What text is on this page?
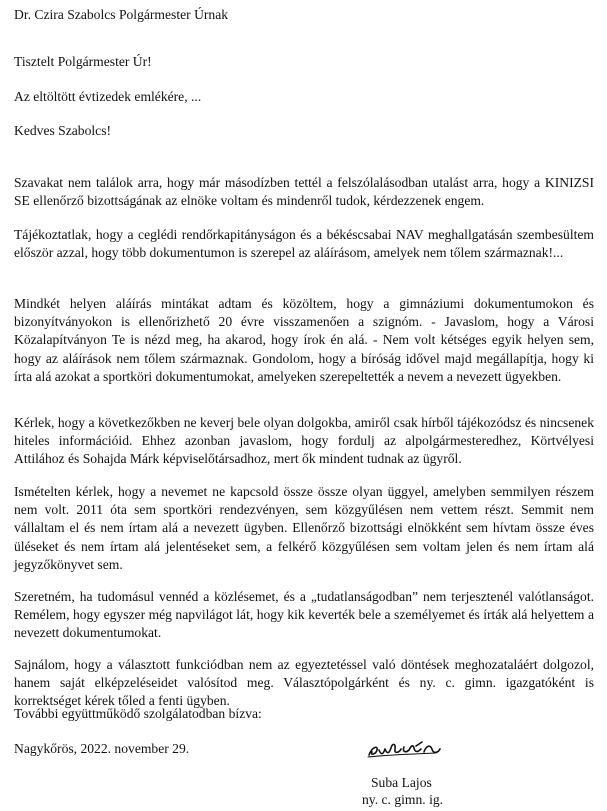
Dr. Czira Szabolcs Polgármester Úrnak
Tisztelt Polgármester Úr!
Az eltöltött évtizedek emlékére, ...
Kedves Szabolcs!
Szavakat nem találok arra, hogy már másodízben tettél a felszólalásodban utalást arra, hogy a KINIZSI SE ellenőrző bizottságának az elnöke voltam és mindenről tudok, kérdezzenek engem.
Tájékoztatlak, hogy a ceglédi rendőrkapitányságon és a békéscsabai NAV meghallgatásán szembesültem először azzal, hogy több dokumentumon is szerepel az aláírásom, amelyek nem tőlem származnak!...
Mindkét helyen aláírás mintákat adtam és közöltem, hogy a gimnáziumi dokumentumokon és bizonyítványokon is ellenőrizhető 20 évre visszamenően a szignóm. - Javaslom, hogy a Városi Közalapítványon Te is nézd meg, ha akarod, hogy írok én alá. - Nem volt kétséges egyik helyen sem, hogy az aláírások nem tőlem származnak. Gondolom, hogy a bíróság idővel majd megállapítja, hogy ki írta alá azokat a sportköri dokumentumokat, amelyeken szerepeltették a nevem a nevezett ügyekben.
Kérlek, hogy a következőkben ne keverj bele olyan dolgokba, amiről csak hírből tájékozódsz és nincsenek hiteles információid. Ehhez azonban javaslom, hogy fordulj az alpolgármesteredhez, Körtvélyesi Attilához és Sohajda Márk képviselőtársadhoz, mert ők mindent tudnak az ügyről.
Ismételten kérlek, hogy a nevemet ne kapcsold össze össze olyan üggyel, amelyben semmilyen részem nem volt. 2011 óta sem sportköri rendezvényen, sem közgyűlésen nem vettem részt. Semmit nem vállaltam el és nem írtam alá a nevezett ügyben. Ellenőrző bizottsági elnökként sem hívtam össze éves üléseket és nem írtam alá jelentéseket sem, a felkérő közgyűlésen sem voltam jelen és nem írtam alá jegyzőkönyvet sem.
Szeretném, ha tudomásul vennéd a közlésemet, és a „tudatlanságodban” nem terjesztenél valótlanságot. Remélem, hogy egyszer még napvilágot lát, hogy kik keverték bele a személyemet és írták alá helyettem a nevezett dokumentumokat.
Sajnálom, hogy a választott funkciódban nem az egyeztetéssel való döntések meghozataláért dolgozol, hanem saját elképzeléseidet valósítod meg. Választópolgárként és ny. c. gimn. igazgatóként is korrektséget kérek tőled a fenti ügyben.
További együttműködő szolgálatodban bízva:
Nagykőrös, 2022. november 29.
Suba Lajos
ny. c. gimn. ig.
